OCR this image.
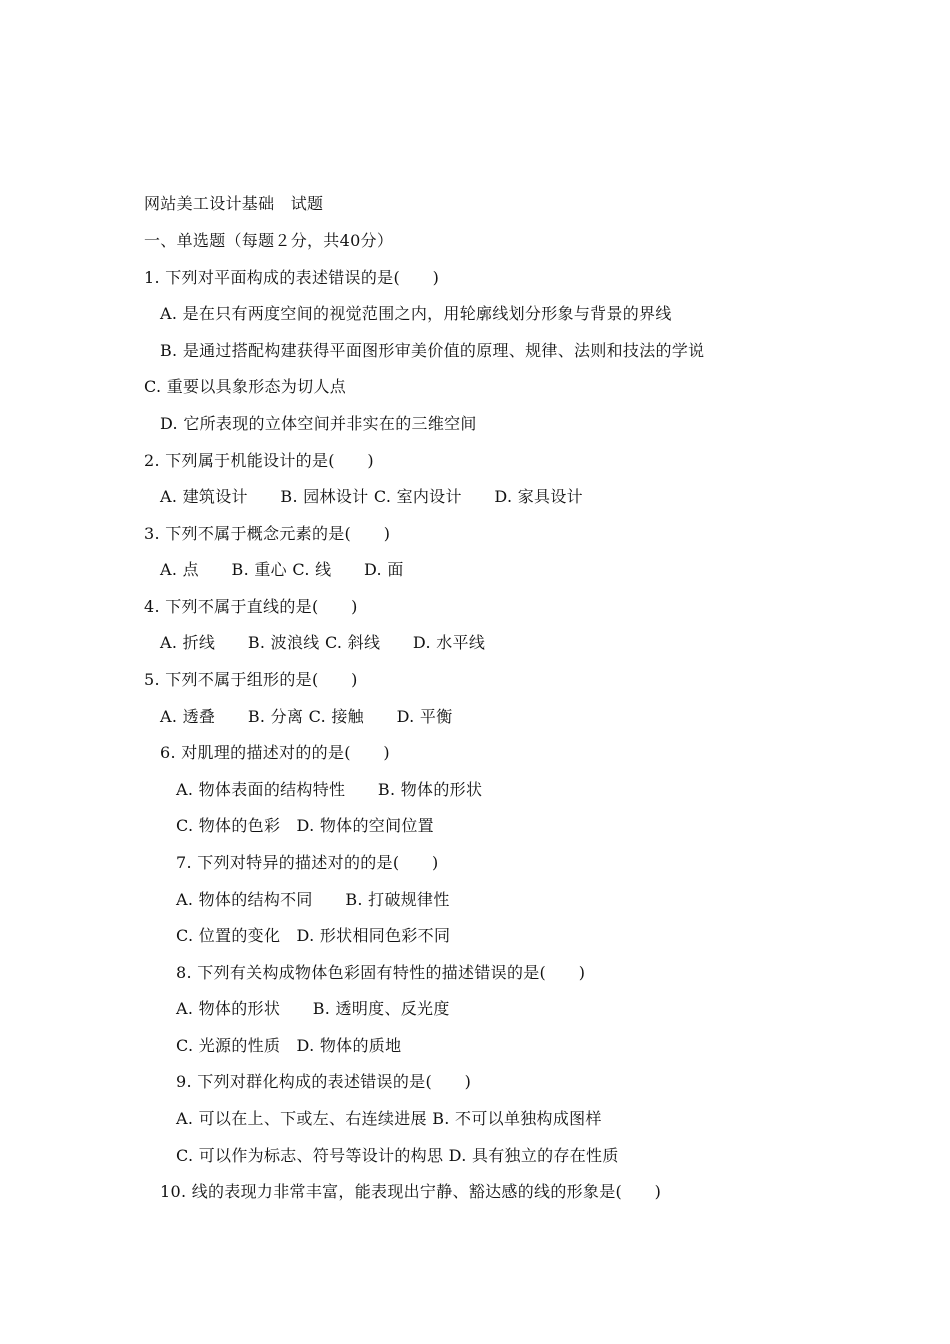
网站美工设计基础　试题
一、单选题（每题２分，共40分）
1. 下列对平面构成的表述错误的是(　　)
A. 是在只有两度空间的视觉范围之内，用轮廓线划分形象与背景的界线
B. 是通过搭配构建获得平面图形审美价值的原理、规律、法则和技法的学说
C. 重要以具象形态为切人点
D. 它所表现的立体空间并非实在的三维空间
2. 下列属于机能设计的是(　　)
A. 建筑设计　　B. 园林设计 C. 室内设计　　D. 家具设计
3. 下列不属于概念元素的是(　　)
A. 点　　B. 重心 C. 线　　D. 面
4. 下列不属于直线的是(　　)
A. 折线　　B. 波浪线 C. 斜线　　D. 水平线
5. 下列不属于组形的是(　　)
A. 透叠　　B. 分离 C. 接触　　D. 平衡
6. 对肌理的描述对的的是(　　)
A. 物体表面的结构特性　　B. 物体的形状
C. 物体的色彩　D. 物体的空间位置
7. 下列对特异的描述对的的是(　　)
A. 物体的结构不同　　B. 打破规律性
C. 位置的变化　D. 形状相同色彩不同
8. 下列有关构成物体色彩固有特性的描述错误的是(　　)
A. 物体的形状　　B. 透明度、反光度
C. 光源的性质　D. 物体的质地
9. 下列对群化构成的表述错误的是(　　)
A. 可以在上、下或左、右连续进展 B. 不可以单独构成图样
C. 可以作为标志、符号等设计的构思 D. 具有独立的存在性质
10. 线的表现力非常丰富，能表现出宁静、豁达感的线的形象是(　　)
